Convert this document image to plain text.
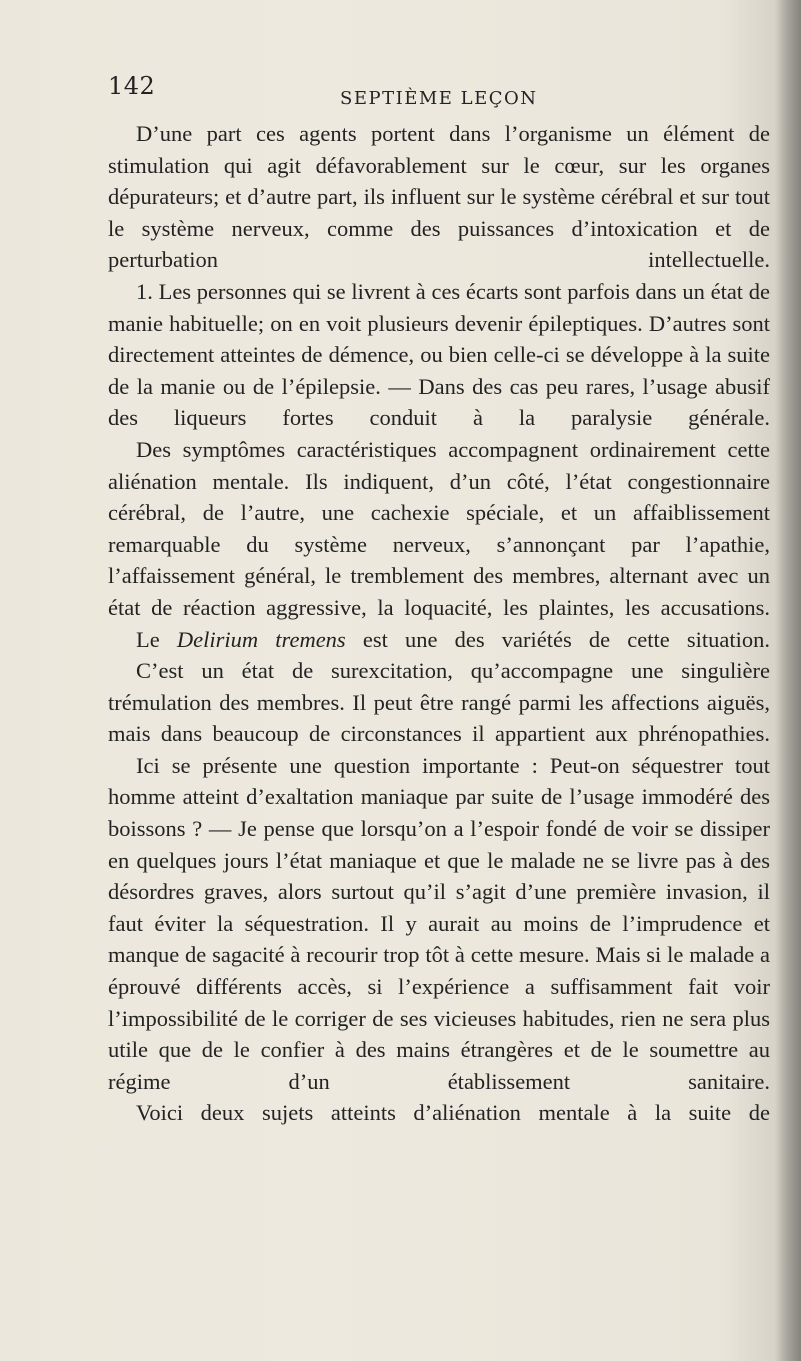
142	SEPTIÈME LEÇON

D’une part ces agents portent dans l’organisme un élément de stimulation qui agit défavorablement sur le cœur, sur les organes dépurateurs; et d’autre part, ils influent sur le système cérébral et sur tout le système nerveux, comme des puissances d’intoxication et de perturbation intellectuelle.

1. Les personnes qui se livrent à ces écarts sont parfois dans un état de manie habituelle; on en voit plusieurs devenir épileptiques. D’autres sont directement atteintes de démence, ou bien celle-ci se développe à la suite de la manie ou de l’épilepsie. — Dans des cas peu rares, l’usage abusif des liqueurs fortes conduit à la paralysie générale.

Des symptômes caractéristiques accompagnent ordinairement cette aliénation mentale. Ils indiquent, d’un côté, l’état congestionnaire cérébral, de l’autre, une cachexie spéciale, et un affaiblissement remarquable du système nerveux, s’annonçant par l’apathie, l’affaissement général, le tremblement des membres, alternant avec un état de réaction aggressive, la loquacité, les plaintes, les accusations.

Le Delirium tremens est une des variétés de cette situation.

C’est un état de surexcitation, qu’accompagne une singulière trémulation des membres. Il peut être rangé parmi les affections aiguës, mais dans beaucoup de circonstances il appartient aux phrénopathies.

Ici se présente une question importante : Peut-on séquestrer tout homme atteint d’exaltation maniaque par suite de l’usage immodéré des boissons ? — Je pense que lorsqu’on a l’espoir fondé de voir se dissiper en quelques jours l’état maniaque et que le malade ne se livre pas à des désordres graves, alors surtout qu’il s’agit d’une première invasion, il faut éviter la séquestration. Il y aurait au moins de l’imprudence et manque de sagacité à recourir trop tôt à cette mesure. Mais si le malade a éprouvé différents accès, si l’expérience a suffisamment fait voir l’impossibilité de le corriger de ses vicieuses habitudes, rien ne sera plus utile que de le confier à des mains étrangères et de le soumettre au régime d’un établissement sanitaire.

Voici deux sujets atteints d’aliénation mentale à la suite de
